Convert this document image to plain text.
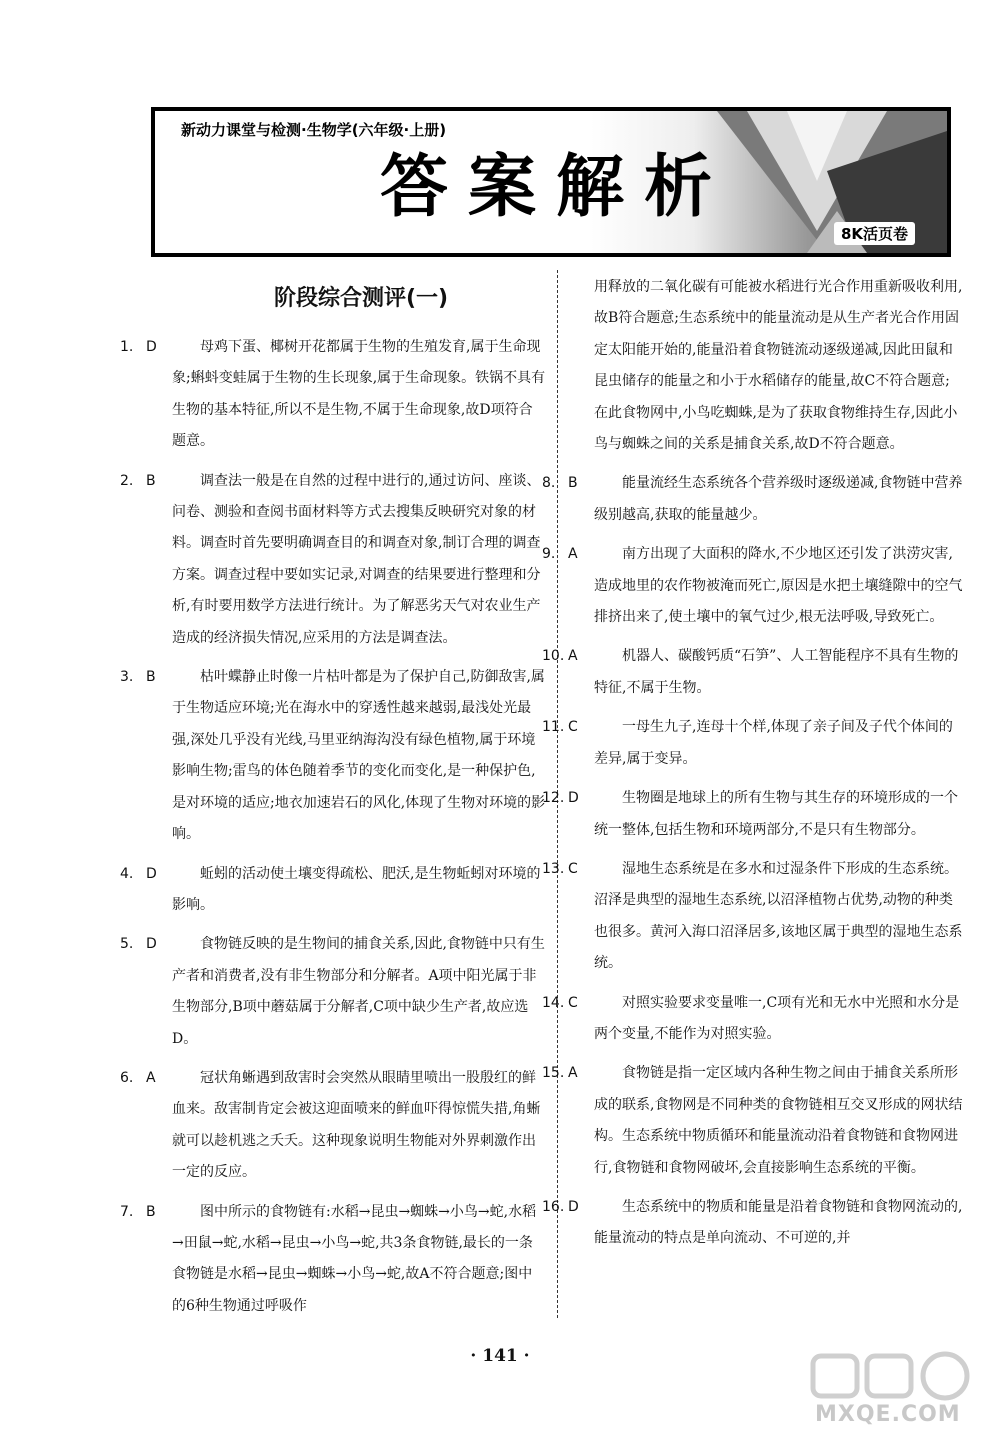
新动力课堂与检测·生物学(六年级·上册)
答案解析
8K活页卷
阶段综合测评(一)
1. D	母鸡下蛋、椰树开花都属于生物的生殖发育,属于生命现象;蝌蚪变蛙属于生物的生长现象,属于生命现象。铁锅不具有生物的基本特征,所以不是生物,不属于生命现象,故D项符合题意。
2. B	调查法一般是在自然的过程中进行的,通过访问、座谈、问卷、测验和查阅书面材料等方式去搜集反映研究对象的材料。调查时首先要明确调查目的和调查对象,制订合理的调查方案。调查过程中要如实记录,对调查的结果要进行整理和分析,有时要用数学方法进行统计。为了解恶劣天气对农业生产造成的经济损失情况,应采用的方法是调查法。
3. B	枯叶蝶静止时像一片枯叶都是为了保护自己,防御敌害,属于生物适应环境;光在海水中的穿透性越来越弱,最浅处光最强,深处几乎没有光线,马里亚纳海沟没有绿色植物,属于环境影响生物;雷鸟的体色随着季节的变化而变化,是一种保护色,是对环境的适应;地衣加速岩石的风化,体现了生物对环境的影响。
4. D	蚯蚓的活动使土壤变得疏松、肥沃,是生物蚯蚓对环境的影响。
5. D	食物链反映的是生物间的捕食关系,因此,食物链中只有生产者和消费者,没有非生物部分和分解者。A项中阳光属于非生物部分,B项中蘑菇属于分解者,C项中缺少生产者,故应选D。
6. A	冠状角蜥遇到敌害时会突然从眼睛里喷出一股殷红的鲜血来。敌害制肯定会被这迎面喷来的鲜血吓得惊慌失措,角蜥就可以趁机逃之夭夭。这种现象说明生物能对外界刺激作出一定的反应。
7. B	图中所示的食物链有:水稻→昆虫→蜘蛛→小鸟→蛇,水稻→田鼠→蛇,水稻→昆虫→小鸟→蛇,共3条食物链,最长的一条食物链是水稻→昆虫→蜘蛛→小鸟→蛇,故A不符合题意;图中的6种生物通过呼吸作
用释放的二氧化碳有可能被水稻进行光合作用重新吸收利用,故B符合题意;生态系统中的能量流动是从生产者光合作用固定太阳能开始的,能量沿着食物链流动逐级递减,因此田鼠和昆虫储存的能量之和小于水稻储存的能量,故C不符合题意;在此食物网中,小鸟吃蜘蛛,是为了获取食物维持生存,因此小鸟与蜘蛛之间的关系是捕食关系,故D不符合题意。
8. B	能量流经生态系统各个营养级时逐级递减,食物链中营养级别越高,获取的能量越少。
9. A	南方出现了大面积的降水,不少地区还引发了洪涝灾害,造成地里的农作物被淹而死亡,原因是水把土壤缝隙中的空气排挤出来了,使土壤中的氧气过少,根无法呼吸,导致死亡。
10. A	机器人、碳酸钙质“石笋”、人工智能程序不具有生物的特征,不属于生物。
11. C	一母生九子,连母十个样,体现了亲子间及子代个体间的差异,属于变异。
12. D	生物圈是地球上的所有生物与其生存的环境形成的一个统一整体,包括生物和环境两部分,不是只有生物部分。
13. C	湿地生态系统是在多水和过湿条件下形成的生态系统。沼泽是典型的湿地生态系统,以沼泽植物占优势,动物的种类也很多。黄河入海口沼泽居多,该地区属于典型的湿地生态系统。
14. C	对照实验要求变量唯一,C项有光和无水中光照和水分是两个变量,不能作为对照实验。
15. A	食物链是指一定区域内各种生物之间由于捕食关系所形成的联系,食物网是不同种类的食物链相互交叉形成的网状结构。生态系统中物质循环和能量流动沿着食物链和食物网进行,食物链和食物网破坏,会直接影响生态系统的平衡。
16. D	生态系统中的物质和能量是沿着食物链和食物网流动的,能量流动的特点是单向流动、不可逆的,并
· 141 ·
MXQE.COM
